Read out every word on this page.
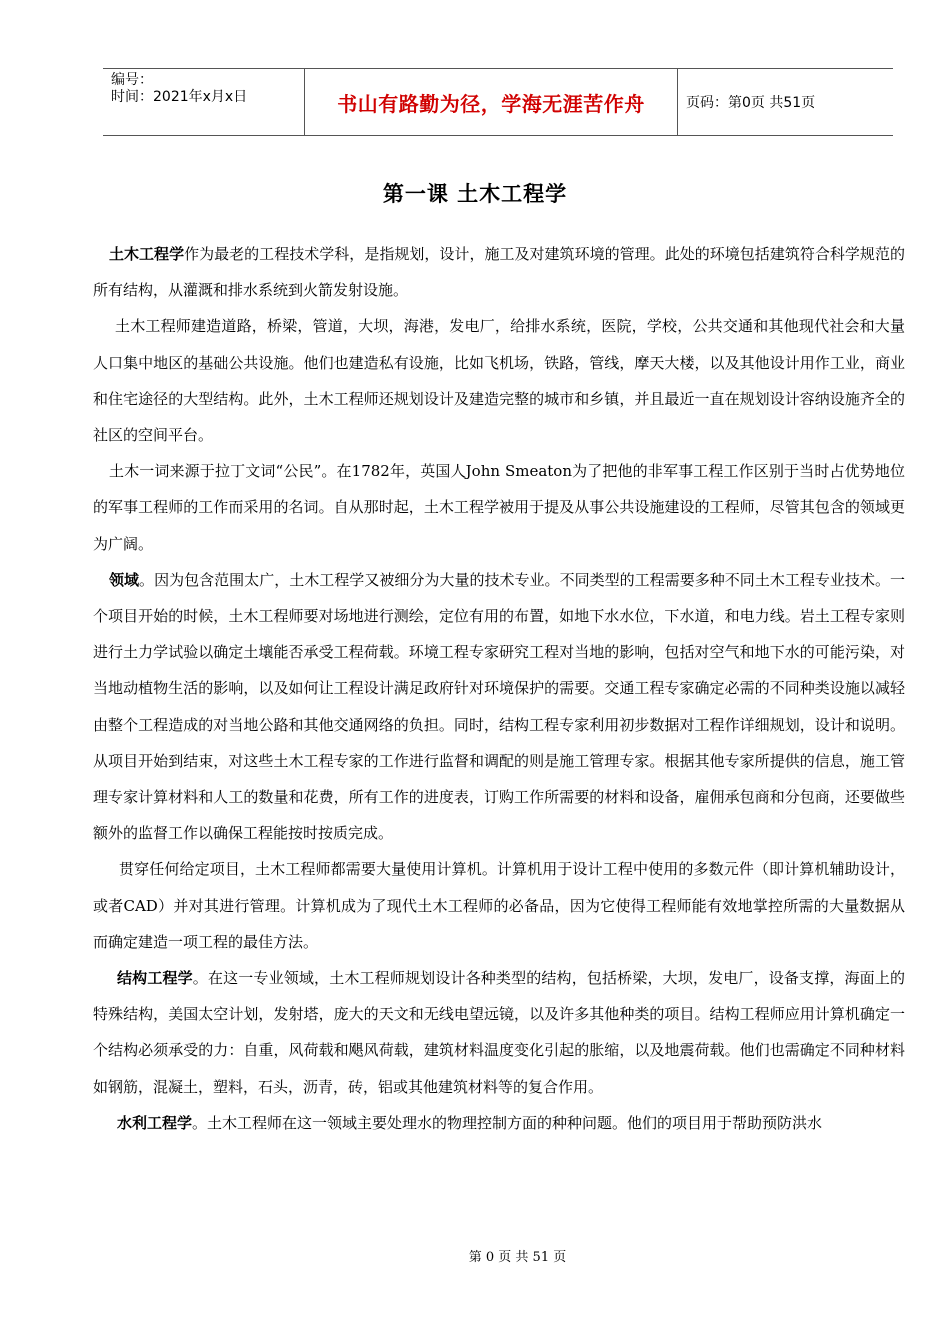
编号：
时间：2021年x月x日	书山有路勤为径，学海无涯苦作舟	页码：第0页 共51页
第一课 土木工程学

土木工程学作为最老的工程技术学科，是指规划，设计，施工及对建筑环境的管理。此处的环境包括建筑符合科学规范的所有结构，从灌溉和排水系统到火箭发射设施。

土木工程师建造道路，桥梁，管道，大坝，海港，发电厂，给排水系统，医院，学校，公共交通和其他现代社会和大量人口集中地区的基础公共设施。他们也建造私有设施，比如飞机场，铁路，管线，摩天大楼，以及其他设计用作工业，商业和住宅途径的大型结构。此外，土木工程师还规划设计及建造完整的城市和乡镇，并且最近一直在规划设计容纳设施齐全的社区的空间平台。

土木一词来源于拉丁文词“公民”。在1782年，英国人John Smeaton为了把他的非军事工程工作区别于当时占优势地位的军事工程师的工作而采用的名词。自从那时起，土木工程学被用于提及从事公共设施建设的工程师，尽管其包含的领域更为广阔。

领域。因为包含范围太广，土木工程学又被细分为大量的技术专业。不同类型的工程需要多种不同土木工程专业技术。一个项目开始的时候，土木工程师要对场地进行测绘，定位有用的布置，如地下水水位，下水道，和电力线。岩土工程专家则进行土力学试验以确定土壤能否承受工程荷载。环境工程专家研究工程对当地的影响，包括对空气和地下水的可能污染，对当地动植物生活的影响，以及如何让工程设计满足政府针对环境保护的需要。交通工程专家确定必需的不同种类设施以减轻由整个工程造成的对当地公路和其他交通网络的负担。同时，结构工程专家利用初步数据对工程作详细规划，设计和说明。从项目开始到结束，对这些土木工程专家的工作进行监督和调配的则是施工管理专家。根据其他专家所提供的信息，施工管理专家计算材料和人工的数量和花费，所有工作的进度表，订购工作所需要的材料和设备，雇佣承包商和分包商，还要做些额外的监督工作以确保工程能按时按质完成。

贯穿任何给定项目，土木工程师都需要大量使用计算机。计算机用于设计工程中使用的多数元件（即计算机辅助设计，或者CAD）并对其进行管理。计算机成为了现代土木工程师的必备品，因为它使得工程师能有效地掌控所需的大量数据从而确定建造一项工程的最佳方法。

结构工程学。在这一专业领域，土木工程师规划设计各种类型的结构，包括桥梁，大坝，发电厂，设备支撑，海面上的特殊结构，美国太空计划，发射塔，庞大的天文和无线电望远镜，以及许多其他种类的项目。结构工程师应用计算机确定一个结构必须承受的力：自重，风荷载和飓风荷载，建筑材料温度变化引起的胀缩，以及地震荷载。他们也需确定不同种材料如钢筋，混凝土，塑料，石头，沥青，砖，铝或其他建筑材料等的复合作用。

水利工程学。土木工程师在这一领域主要处理水的物理控制方面的种种问题。他们的项目用于帮助预防洪水

第 0 页 共 51 页
